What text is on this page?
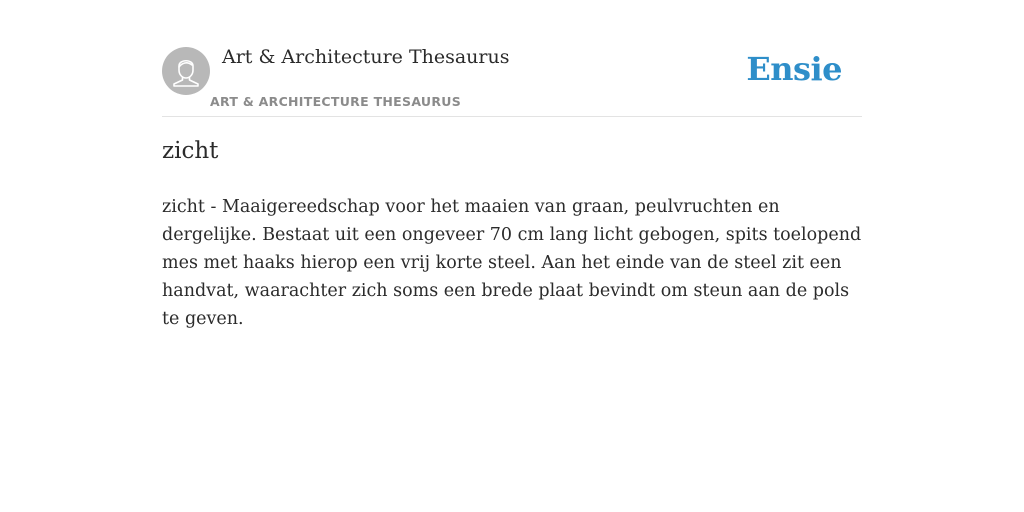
Art & Architecture Thesaurus
ART & ARCHITECTURE THESAURUS
Ensie
zicht

zicht - Maaigereedschap voor het maaien van graan, peulvruchten en dergelijke. Bestaat uit een ongeveer 70 cm lang licht gebogen, spits toelopend mes met haaks hierop een vrij korte steel. Aan het einde van de steel zit een handvat, waarachter zich soms een brede plaat bevindt om steun aan de pols te geven.
